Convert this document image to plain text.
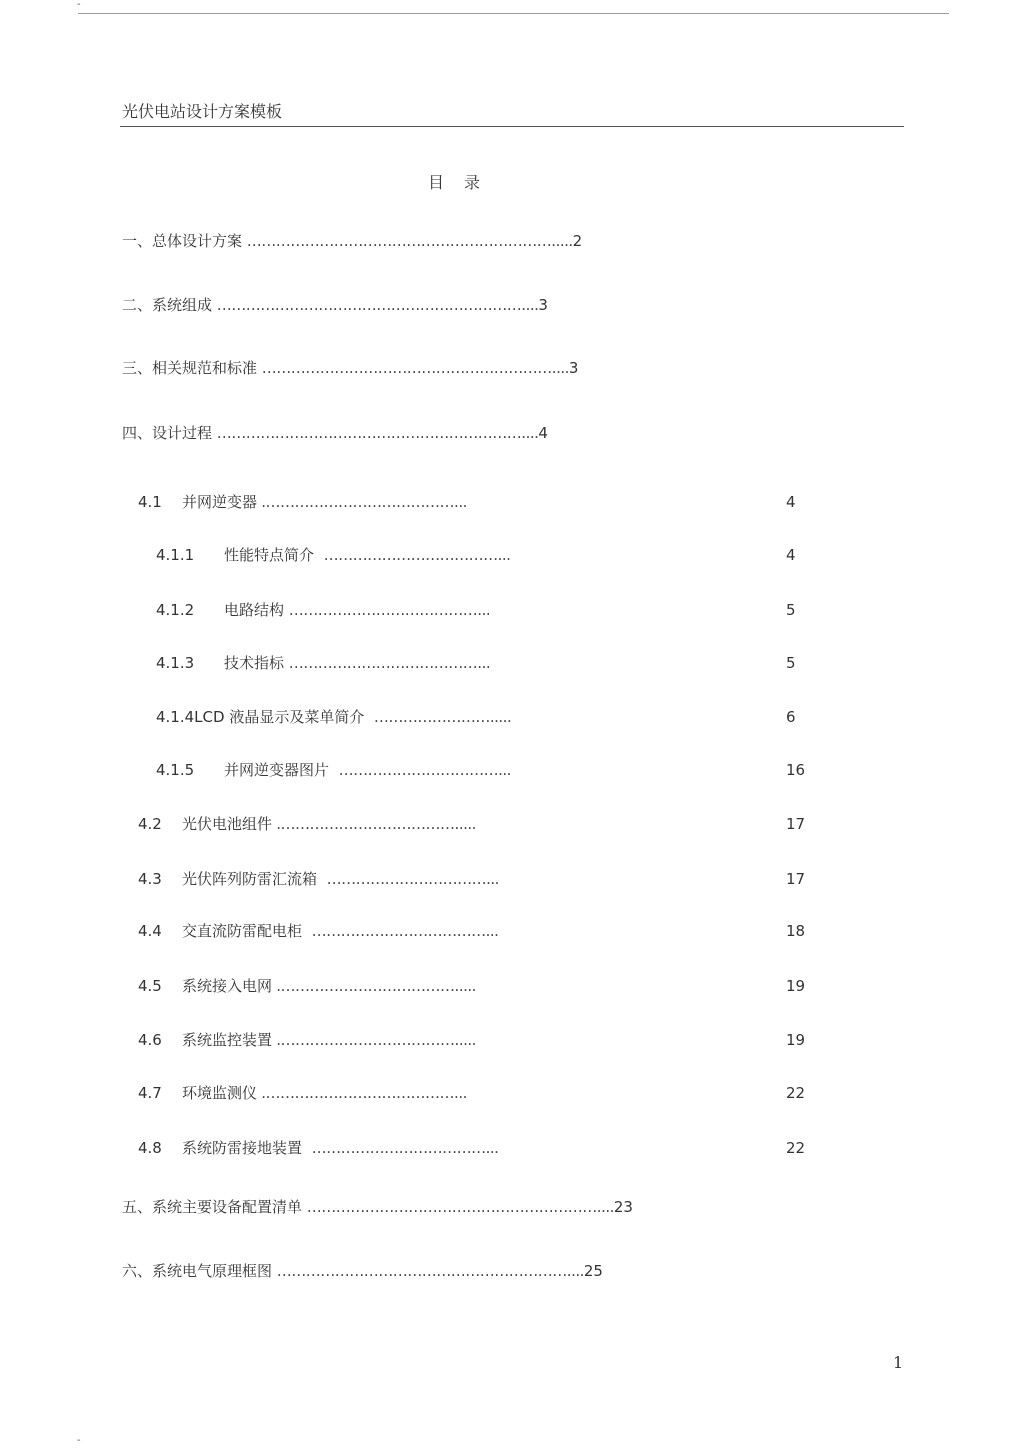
-
光伏电站设计方案模板
目 录
一、总体设计方案 ……………………………………………………….....2
二、系统组成 ………………………………………………………....3
三、相关规范和标准 ……………………………………………………....3
四、设计过程 ………………………………………………………....4
4.1 并网逆变器 .…………………………………...	4
4.1.1 性能特点简介 ………………………………...	4
4.1.2 电路结构 …………………………………...	5
4.1.3 技术指标 …………………………………...	5
4.1.4LCD 液晶显示及菜单简介 …………………….....	6
4.1.5 并网逆变器图片 ……………………………...	16
4.2 光伏电池组件 .……………………………….....	17
4.3 光伏阵列防雷汇流箱 ……………………………...	17
4.4 交直流防雷配电柜 ………………………………...	18
4.5 系统接入电网 .……………………………….....	19
4.6 系统监控装置 .……………………………….....	19
4.7 环境监测仪 .…………………………………...	22
4.8 系统防雷接地装置 ………………………………...	22
五、系统主要设备配置清单 ……………………………………………………....23
六、系统电气原理框图 ……………………………………………………....25
1
-
